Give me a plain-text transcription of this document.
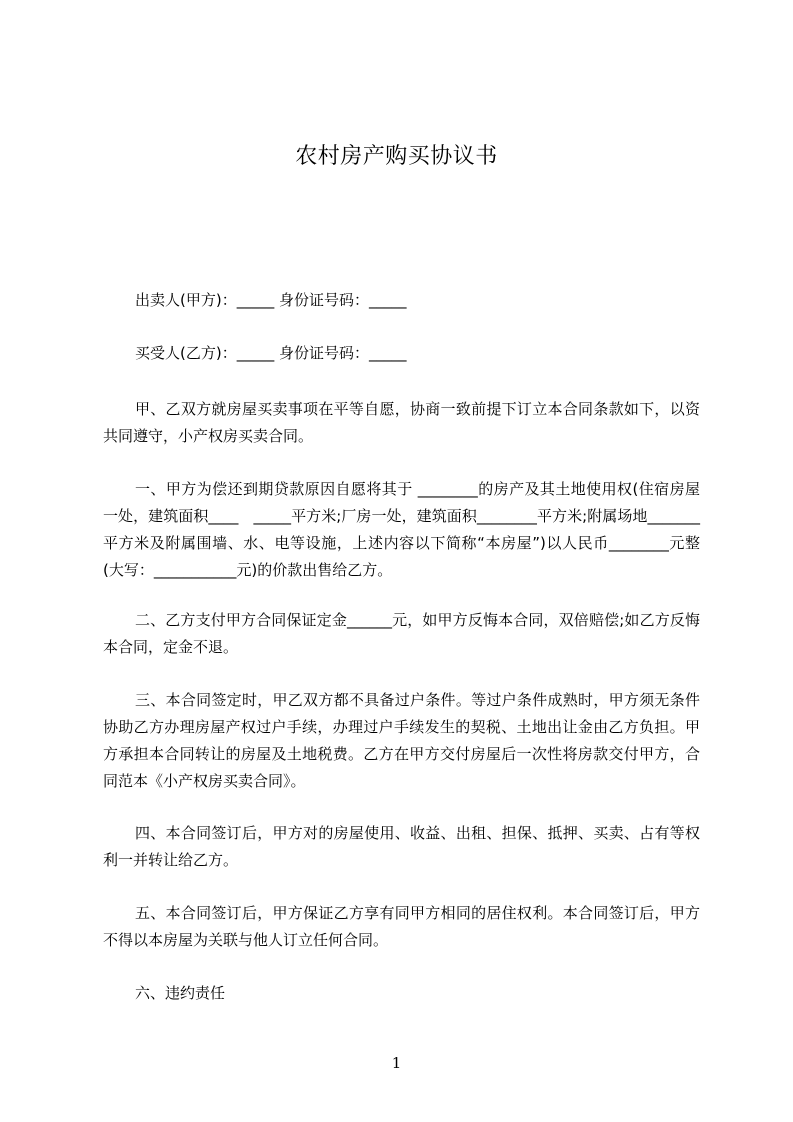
农村房产购买协议书

出卖人(甲方)：_____ 身份证号码：_____

买受人(乙方)：_____ 身份证号码：_____

甲、乙双方就房屋买卖事项在平等自愿，协商一致前提下订立本合同条款如下，以资共同遵守，小产权房买卖合同。

一、甲方为偿还到期贷款原因自愿将其于 ________的房产及其土地使用权(住宿房屋一处，建筑面积____　_____平方米;厂房一处，建筑面积________平方米;附属场地_______平方米及附属围墙、水、电等设施，上述内容以下简称“本房屋”)以人民币________元整(大写：___________元)的价款出售给乙方。

二、乙方支付甲方合同保证定金______元，如甲方反悔本合同，双倍赔偿;如乙方反悔本合同，定金不退。

三、本合同签定时，甲乙双方都不具备过户条件。等过户条件成熟时，甲方须无条件协助乙方办理房屋产权过户手续，办理过户手续发生的契税、土地出让金由乙方负担。甲方承担本合同转让的房屋及土地税费。乙方在甲方交付房屋后一次性将房款交付甲方，合同范本《小产权房买卖合同》。

四、本合同签订后，甲方对的房屋使用、收益、出租、担保、抵押、买卖、占有等权利一并转让给乙方。

五、本合同签订后，甲方保证乙方享有同甲方相同的居住权利。本合同签订后，甲方不得以本房屋为关联与他人订立任何合同。

六、违约责任

1
